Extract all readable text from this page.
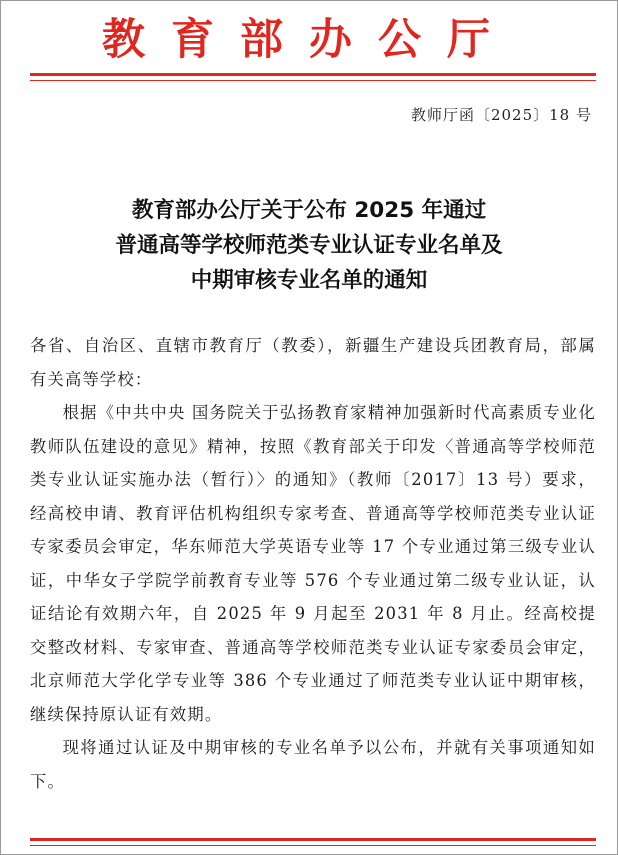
教育部办公厅
教师厅函〔2025〕18 号
教育部办公厅关于公布 2025 年通过
普通高等学校师范类专业认证专业名单及
中期审核专业名单的通知

各省、自治区、直辖市教育厅（教委），新疆生产建设兵团教育局，部属有关高等学校：

根据《中共中央 国务院关于弘扬教育家精神加强新时代高素质专业化教师队伍建设的意见》精神，按照《教育部关于印发〈普通高等学校师范类专业认证实施办法（暂行）〉的通知》（教师〔2017〕13 号）要求，经高校申请、教育评估机构组织专家考查、普通高等学校师范类专业认证专家委员会审定，华东师范大学英语专业等 17 个专业通过第三级专业认证，中华女子学院学前教育专业等 576 个专业通过第二级专业认证，认证结论有效期六年，自 2025 年 9 月起至 2031 年 8 月止。经高校提交整改材料、专家审查、普通高等学校师范类专业认证专家委员会审定，北京师范大学化学专业等 386 个专业通过了师范类专业认证中期审核，继续保持原认证有效期。

现将通过认证及中期审核的专业名单予以公布，并就有关事项通知如下。
